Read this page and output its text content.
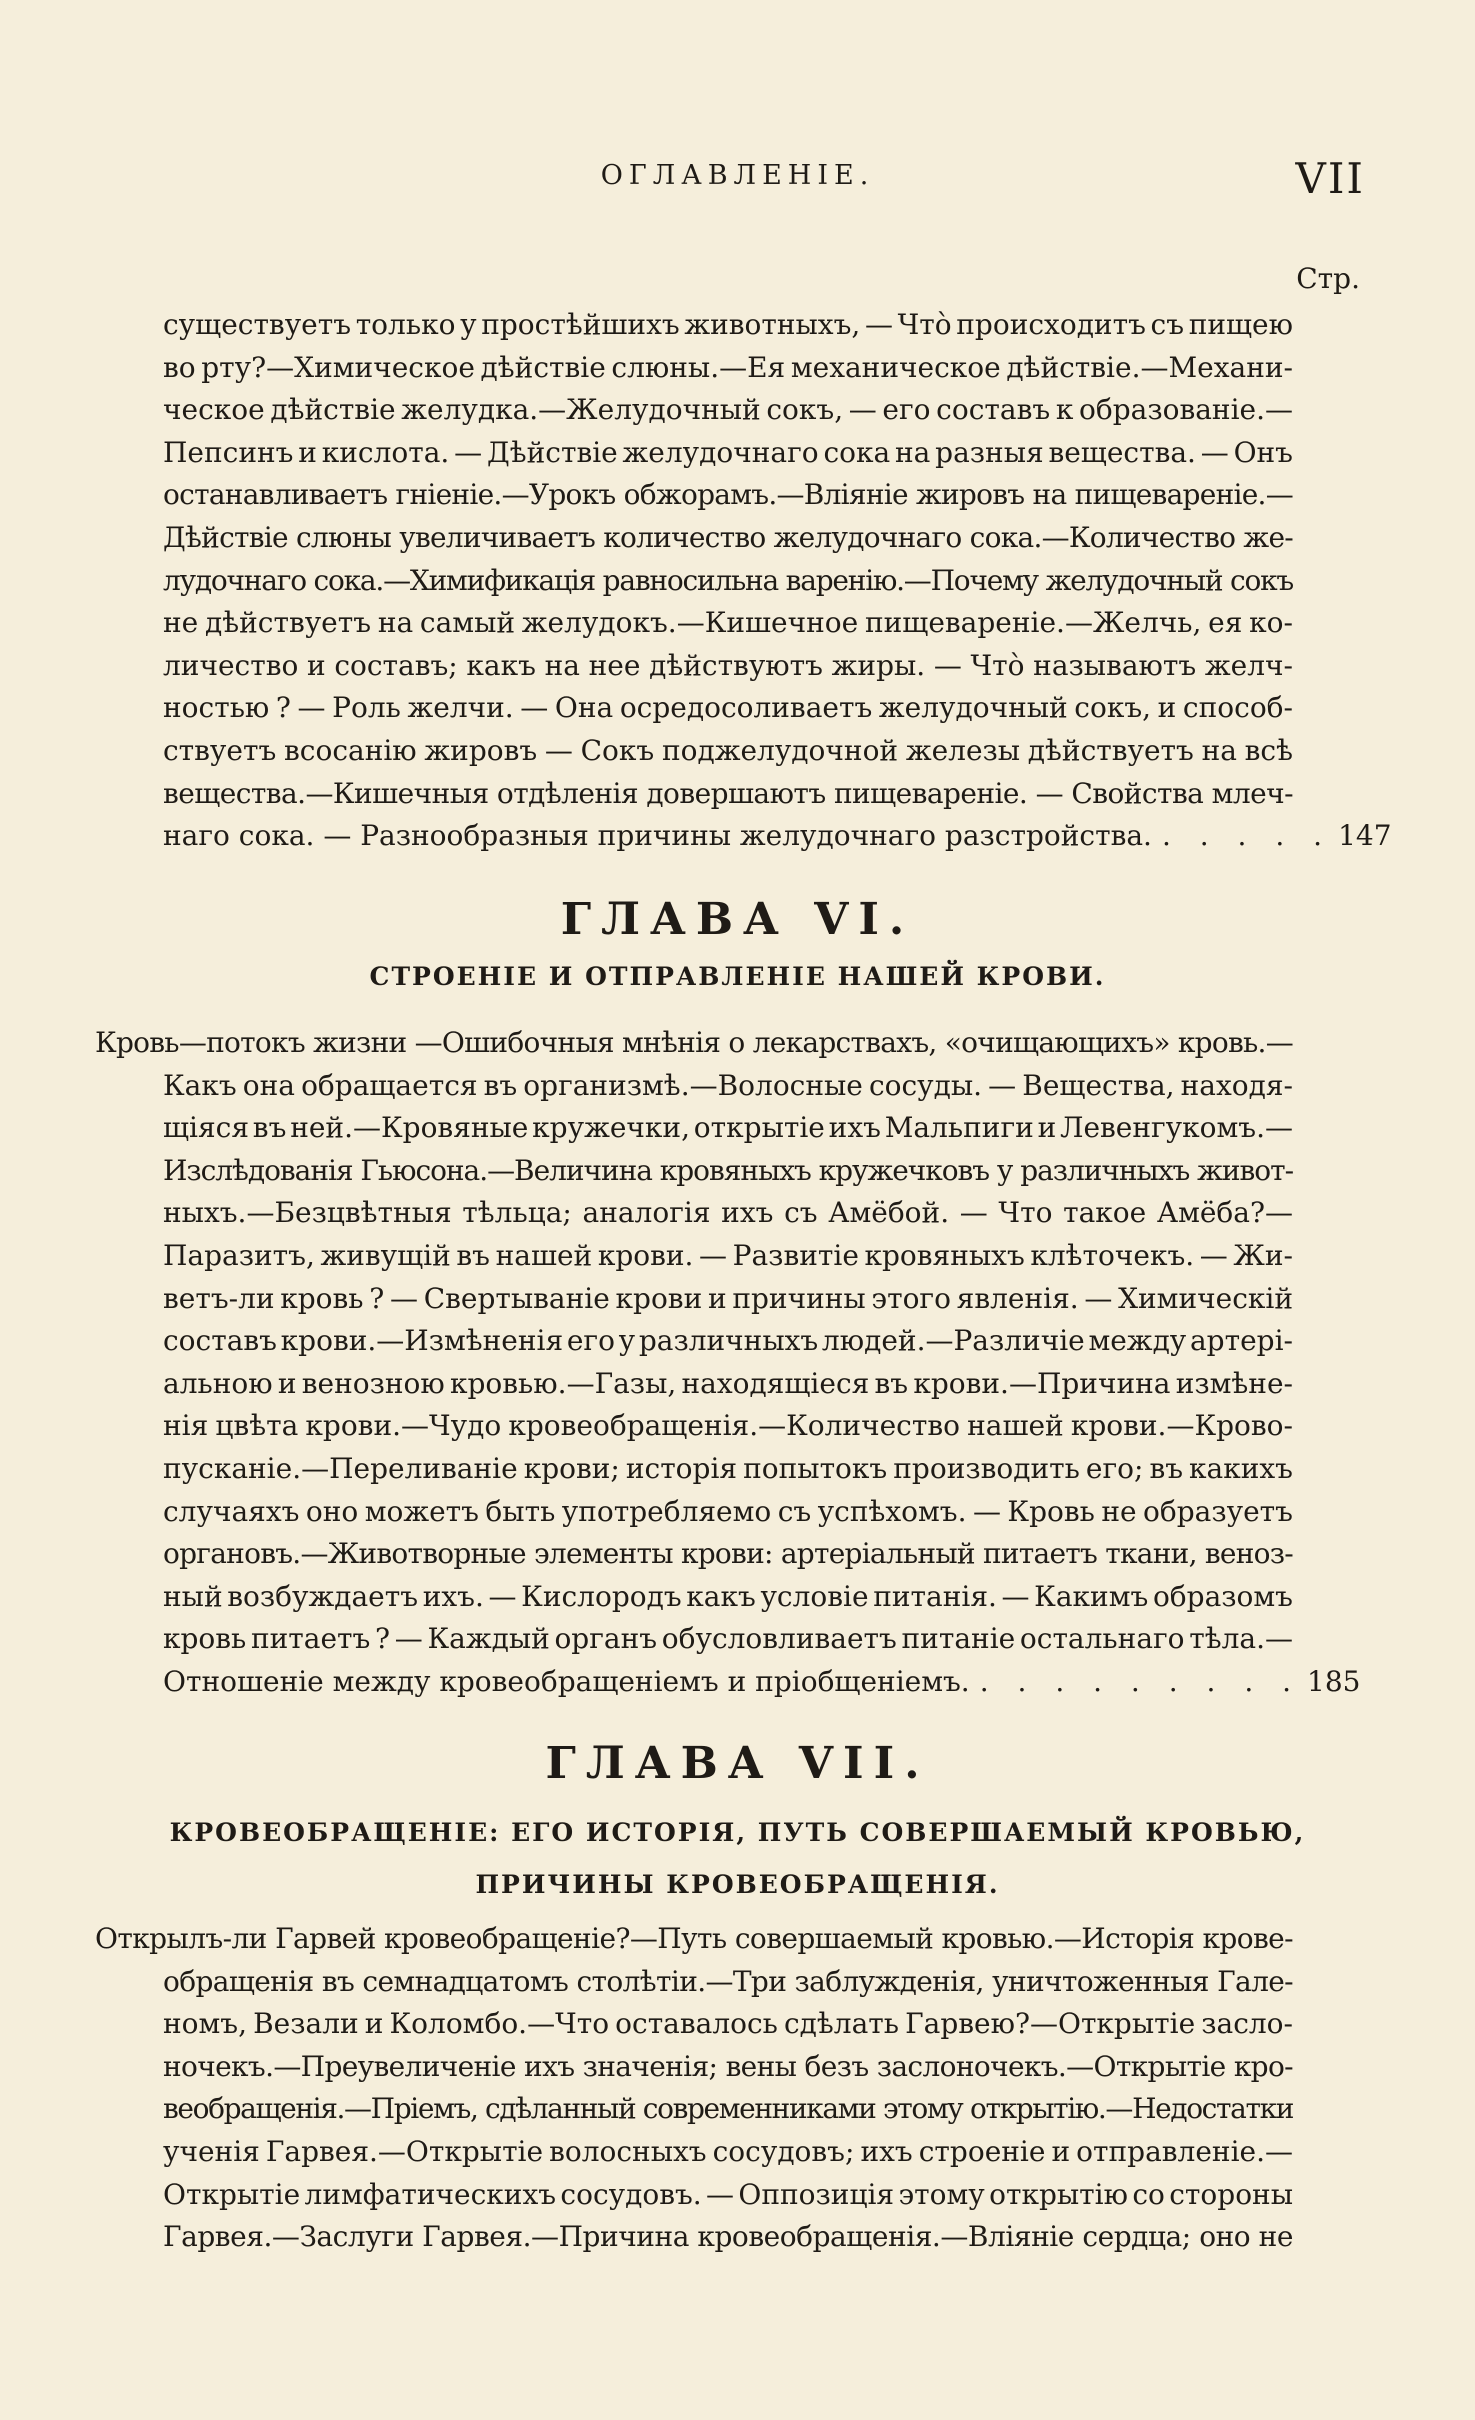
ОГЛАВЛЕНІЕ.	VII
Стр.
существуетъ только у простѣйшихъ животныхъ, — Что̀ происходитъ съ пищею
во рту?—Химическое дѣйствіе слюны.—Ея механическое дѣйствіе.—Механи-
ческое дѣйствіе желудка.—Желудочный сокъ, — его составъ к образованіе.—
Пепсинъ и кислота. — Дѣйствіе желудочнаго сока на разныя вещества. — Онъ
останавливаетъ гніеніе.—Урокъ обжорамъ.—Вліяніе жировъ на пищевареніе.—
Дѣйствіе слюны увеличиваетъ количество желудочнаго сока.—Количество же-
лудочнаго сока.—Химификація равносильна варенію.—Почему желудочный сокъ
не дѣйствуетъ на самый желудокъ.—Кишечное пищевареніе.—Желчь, ея ко-
личество и составъ; какъ на нее дѣйствуютъ жиры. — Что̀ называютъ желч-
ностью ? — Роль желчи. — Она осредосоливаетъ желудочный сокъ, и способ-
ствуетъ всосанію жировъ — Сокъ поджелудочной железы дѣйствуетъ на всѣ
вещества.—Кишечныя отдѣленія довершаютъ пищевареніе. — Свойства млеч-
наго сока. — Разнообразныя причины желудочнаго разстройства. . . . . . 147
ГЛАВА VI.
СТРОЕНІЕ И ОТПРАВЛЕНІЕ НАШЕЙ КРОВИ.
Кровь—потокъ жизни —Ошибочныя мнѣнія о лекарствахъ, «очищающихъ» кровь.—
Какъ она обращается въ организмѣ.—Волосные сосуды. — Вещества, находя-
щіяся въ ней.—Кровяные кружечки, открытіе ихъ Мальпиги и Левенгукомъ.—
Изслѣдованія Гьюсона.—Величина кровяныхъ кружечковъ у различныхъ живот-
ныхъ.—Безцвѣтныя тѣльца; аналогія ихъ съ Амёбой. — Что такое Амёба?—
Паразитъ, живущій въ нашей крови. — Развитіе кровяныхъ клѣточекъ. — Жи-
ветъ-ли кровь ? — Свертываніе крови и причины этого явленія. — Химическій
составъ крови.—Измѣненія его у различныхъ людей.—Различіе между артері-
альною и венозною кровью.—Газы, находящіеся въ крови.—Причина измѣне-
нія цвѣта крови.—Чудо кровеобращенія.—Количество нашей крови.—Крово-
пусканіе.—Переливаніе крови; исторія попытокъ производить его; въ какихъ
случаяхъ оно можетъ быть употребляемо съ успѣхомъ. — Кровь не образуетъ
органовъ.—Животворные элементы крови: артеріальный питаетъ ткани, веноз-
ный возбуждаетъ ихъ. — Кислородъ какъ условіе питанія. — Какимъ образомъ
кровь питаетъ ? — Каждый органъ обусловливаетъ питаніе остальнаго тѣла.—
Отношеніе между кровеобращеніемъ и пріобщеніемъ. . . . . . . . . . 185
ГЛАВА VII.
КРОВЕОБРАЩЕНІЕ: ЕГО ИСТОРІЯ, ПУТЬ СОВЕРШАЕМЫЙ КРОВЬЮ,
ПРИЧИНЫ КРОВЕОБРАЩЕНІЯ.
Открылъ-ли Гарвей кровеобращеніе?—Путь совершаемый кровью.—Исторія крове-
обращенія въ семнадцатомъ столѣтіи.—Три заблужденія, уничтоженныя Гале-
номъ, Везали и Коломбо.—Что оставалось сдѣлать Гарвею?—Открытіе засло-
ночекъ.—Преувеличеніе ихъ значенія; вены безъ заслоночекъ.—Открытіе кро-
веобращенія.—Пріемъ, сдѣланный современниками этому открытію.—Недостатки
ученія Гарвея.—Открытіе волосныхъ сосудовъ; ихъ строеніе и отправленіе.—
Открытіе лимфатическихъ сосудовъ. — Оппозиція этому открытію со стороны
Гарвея.—Заслуги Гарвея.—Причина кровеобращенія.—Вліяніе сердца; оно не
